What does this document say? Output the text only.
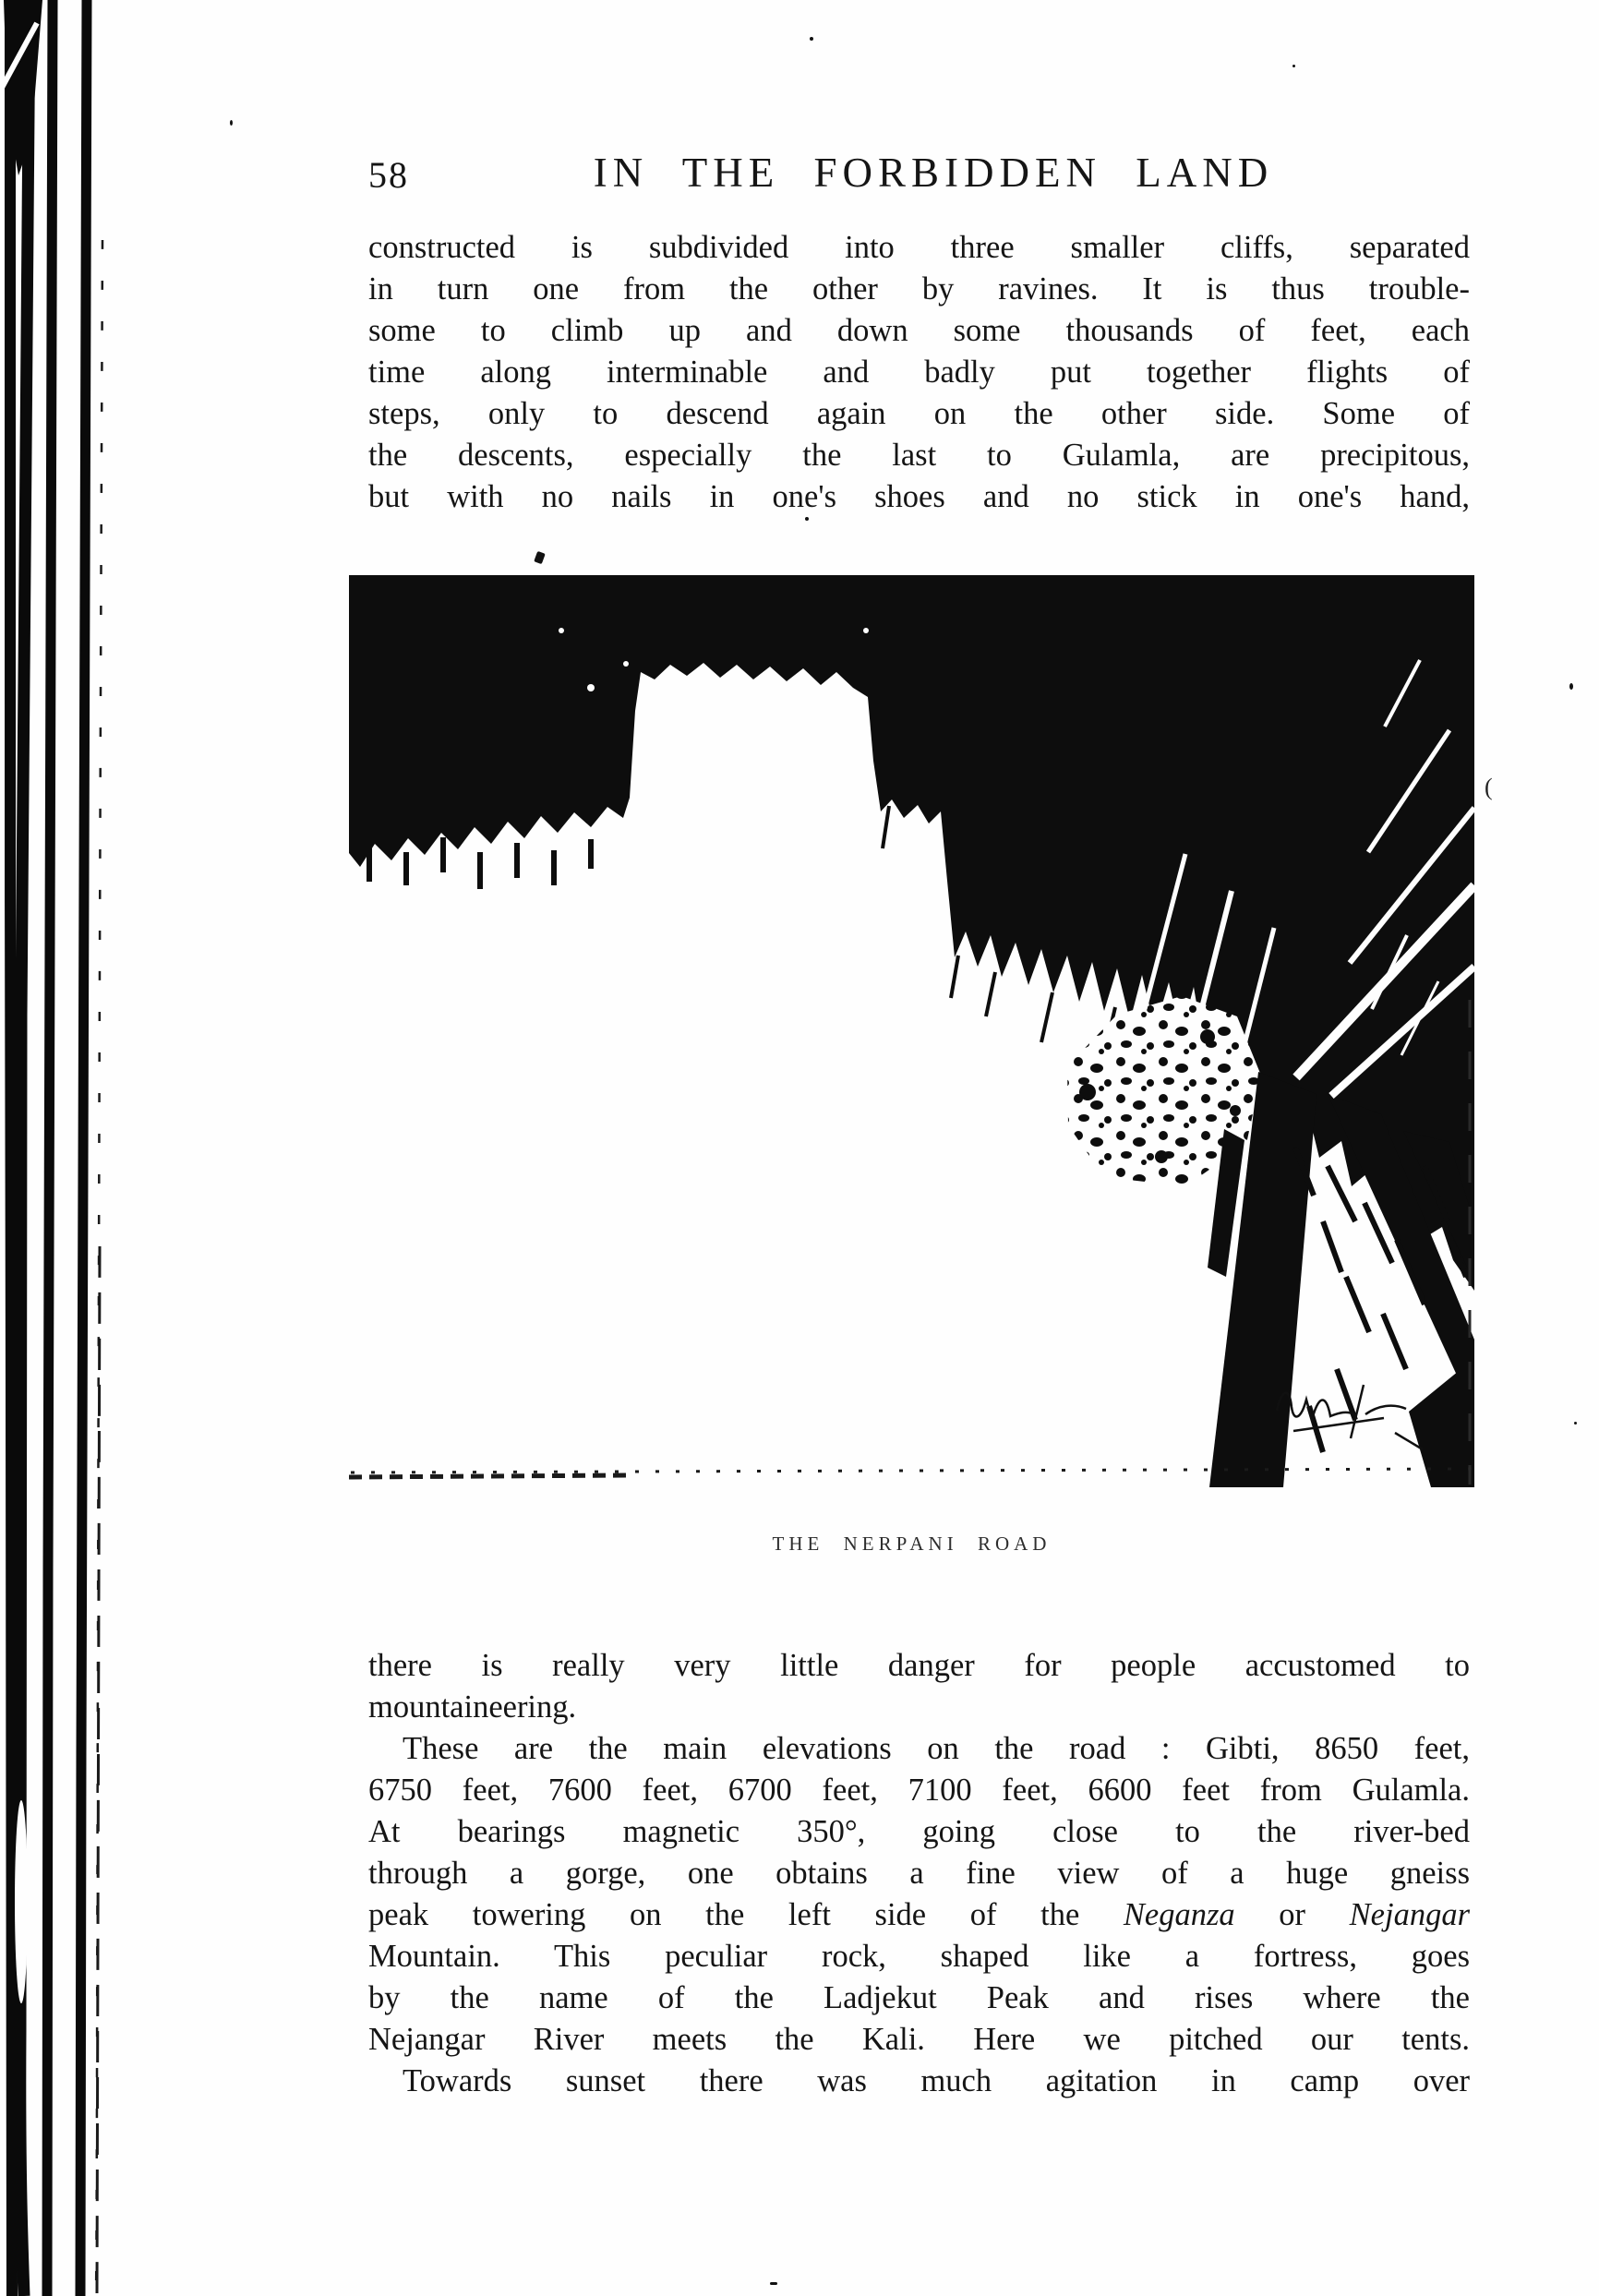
58	IN THE FORBIDDEN LAND
constructed is subdivided into three smaller cliffs, separated
in turn one from the other by ravines. It is thus trouble-
some to climb up and down some thousands of feet, each
time along interminable and badly put together flights of
steps, only to descend again on the other side. Some of
the descents, especially the last to Gulamla, are precipitous,
but with no nails in one's shoes and no stick in one's hand,
there is really very little danger for people accustomed to
mountaineering.
These are the main elevations on the road : Gibti, 8650 feet,
6750 feet, 7600 feet, 6700 feet, 7100 feet, 6600 feet from Gulamla.
At bearings magnetic 350°, going close to the river-bed
through a gorge, one obtains a fine view of a huge gneiss
peak towering on the left side of the Neganza or Nejangar
Mountain. This peculiar rock, shaped like a fortress, goes
by the name of the Ladjekut Peak and rises where the
Nejangar River meets the Kali. Here we pitched our tents.
Towards sunset there was much agitation in camp over
THE NERPANI ROAD
(
